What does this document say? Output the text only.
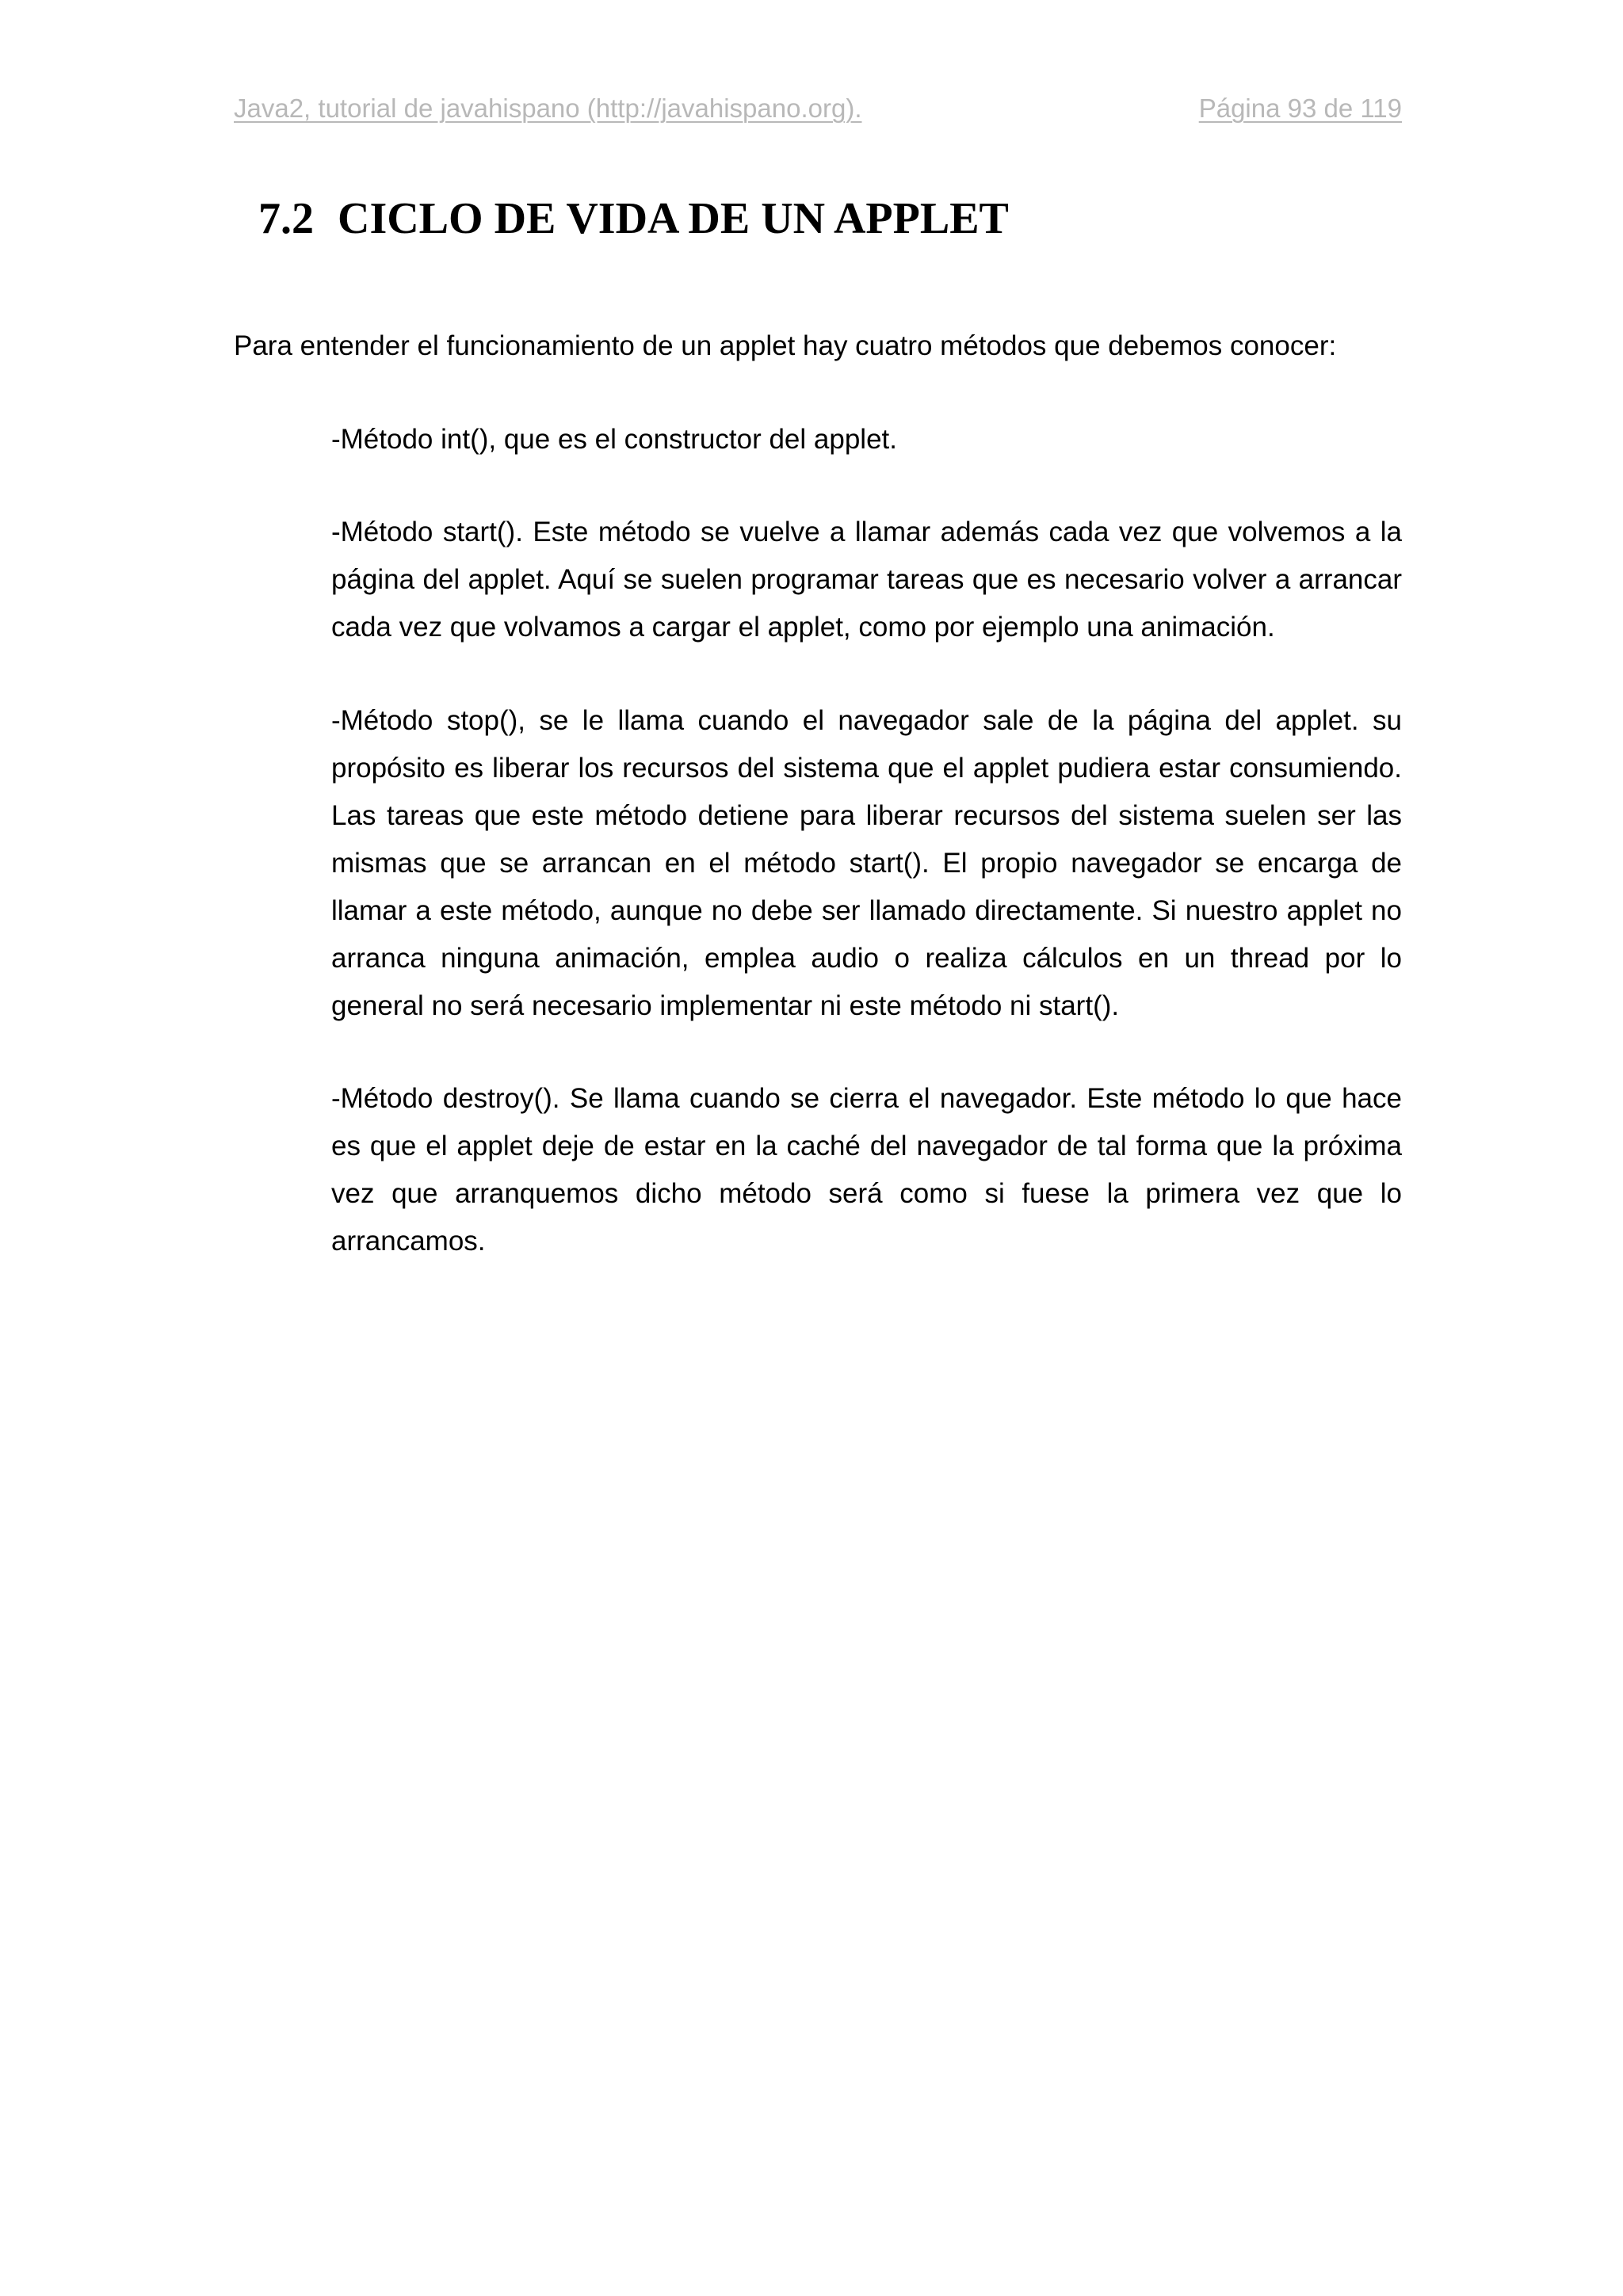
Java2, tutorial de javahispano (http://javahispano.org).	Página 93 de 119
7.2 CICLO DE VIDA DE UN APPLET

Para entender el funcionamiento de un applet hay cuatro métodos que debemos conocer:

-Método int(), que es el constructor del applet.

-Método start(). Este método se vuelve a llamar además cada vez que volvemos a la página del applet. Aquí se suelen programar tareas que es necesario volver a arrancar cada vez que volvamos a cargar el applet, como por ejemplo una animación.

-Método stop(), se le llama cuando el navegador sale de la página del applet. su propósito es liberar los recursos del sistema que el applet pudiera estar consumiendo. Las tareas que este método detiene para liberar recursos del sistema suelen ser las mismas que se arrancan en el método start(). El propio navegador se encarga de llamar a este método, aunque no debe ser llamado directamente. Si nuestro applet no arranca ninguna animación, emplea audio o realiza cálculos en un thread por lo general no será necesario implementar ni este método ni start().

-Método destroy(). Se llama cuando se cierra el navegador. Este método lo que hace es que el applet deje de estar en la caché del navegador de tal forma que la próxima vez que arranquemos dicho método será como si fuese la primera vez que lo arrancamos.
